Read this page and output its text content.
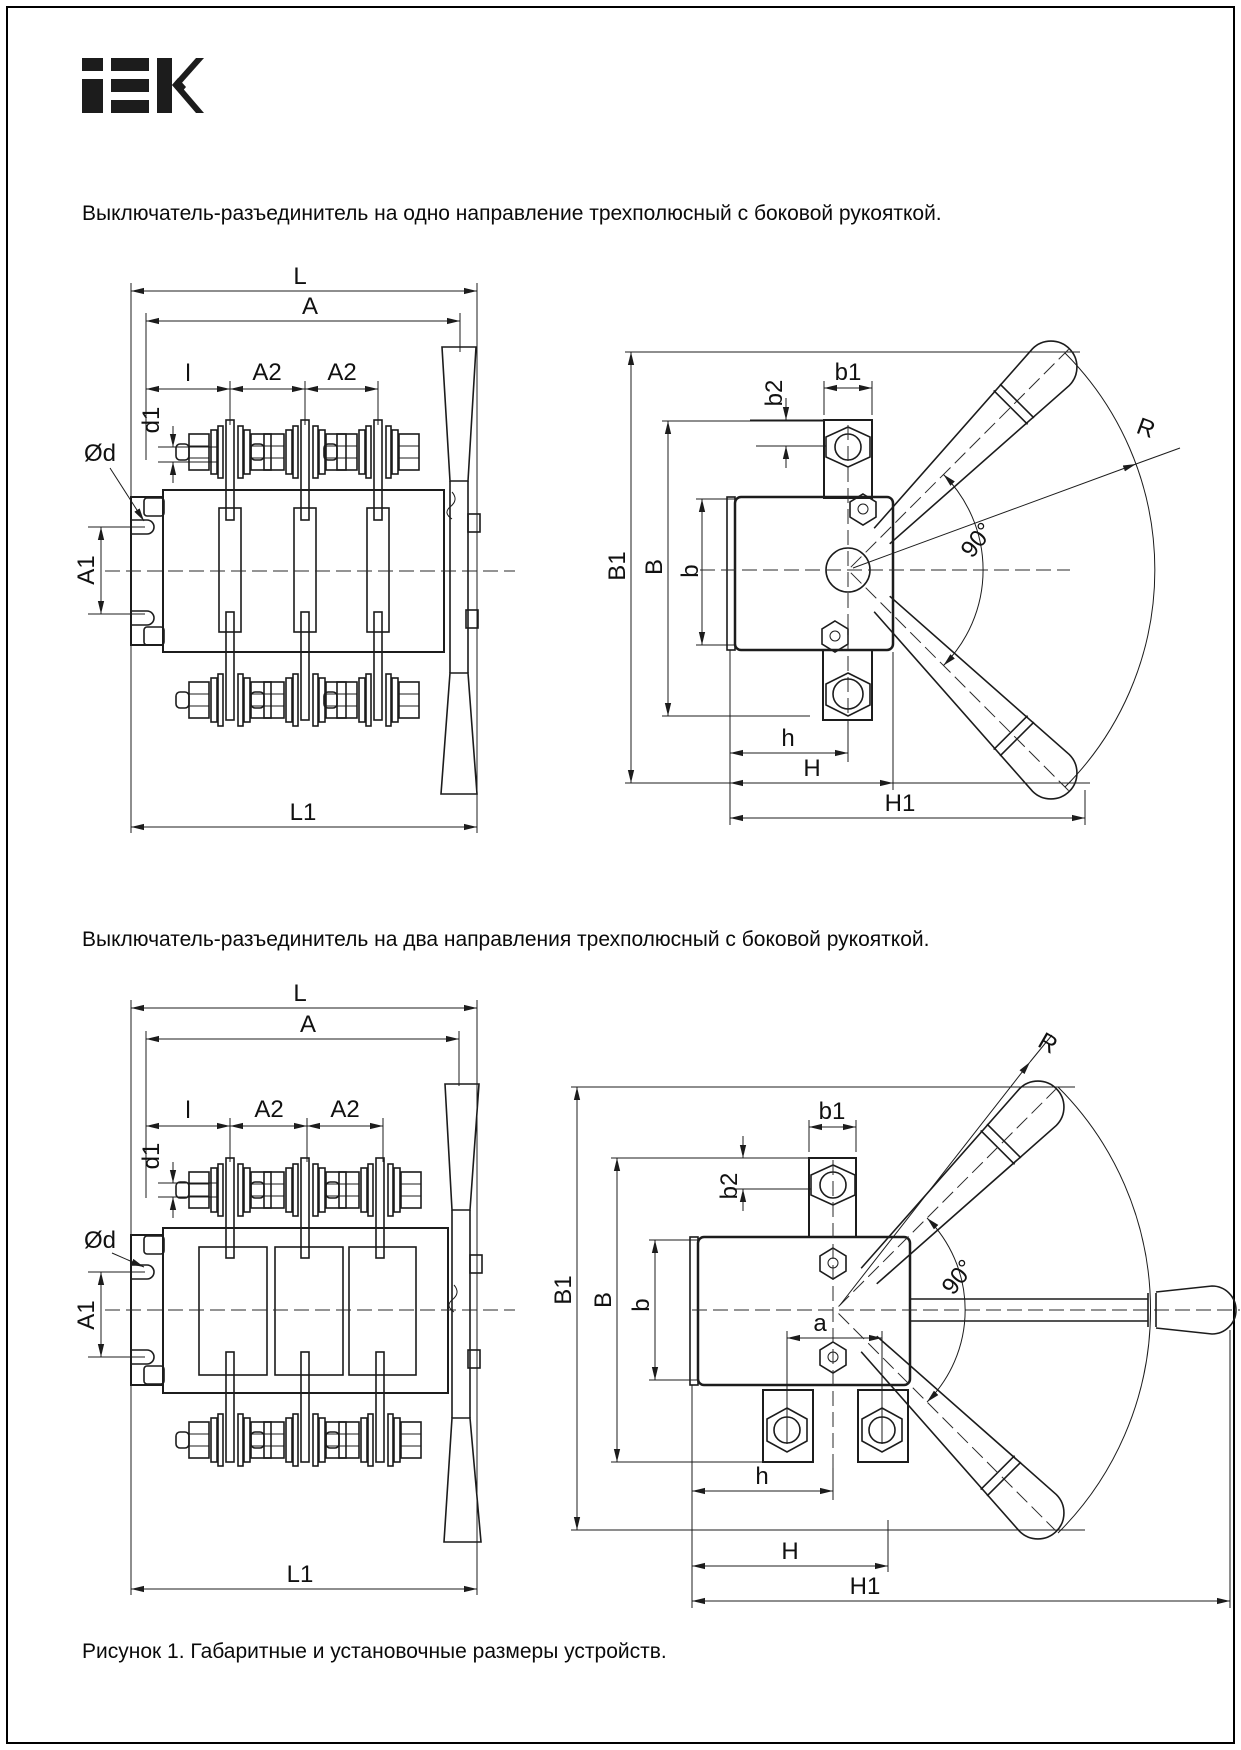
Выключатель-разъединитель на одно направление трехполюсный с боковой рукояткой.
Выключатель-разъединитель на два направления трехполюсный с боковой рукояткой.
Рисунок 1. Габаритные и установочные размеры устройств.
L
A
l	A2 A2
d1
Ød
A1
L1
B1 B b
b1
b2
90°
R
h
H
H1
L
A
l	A2 A2
d1
Ød
A1
L1
B1 B b
b1
b2
a
90°
R
h
H
H1
